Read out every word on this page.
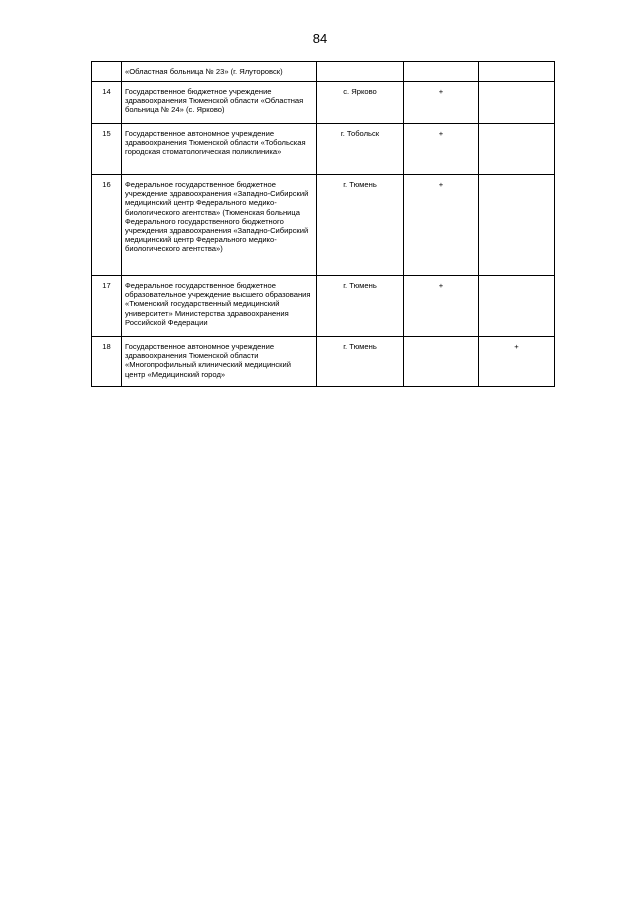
84
	«Областная больница № 23» (г. Ялуторовск)			
14	Государственное бюджетное учреждение здравоохранения Тюменской области «Областная больница № 24» (с. Ярково)	с. Ярково	+	
15	Государственное автономное учреждение здравоохранения Тюменской области «Тобольская городская стоматологическая поликлиника»	г. Тобольск	+	
16	Федеральное государственное бюджетное учреждение здравоохранения «Западно-Сибирский медицинский центр Федерального медико-биологического агентства» (Тюменская больница Федерального государственного бюджетного учреждения здравоохранения «Западно-Сибирский медицинский центр Федерального медико-биологического агентства»)	г. Тюмень	+	
17	Федеральное государственное бюджетное образовательное учреждение высшего образования «Тюменский государственный медицинский университет» Министерства здравоохранения Российской Федерации	г. Тюмень	+	
18	Государственное автономное учреждение здравоохранения Тюменской области «Многопрофильный клинический медицинский центр «Медицинский город»	г. Тюмень		+
